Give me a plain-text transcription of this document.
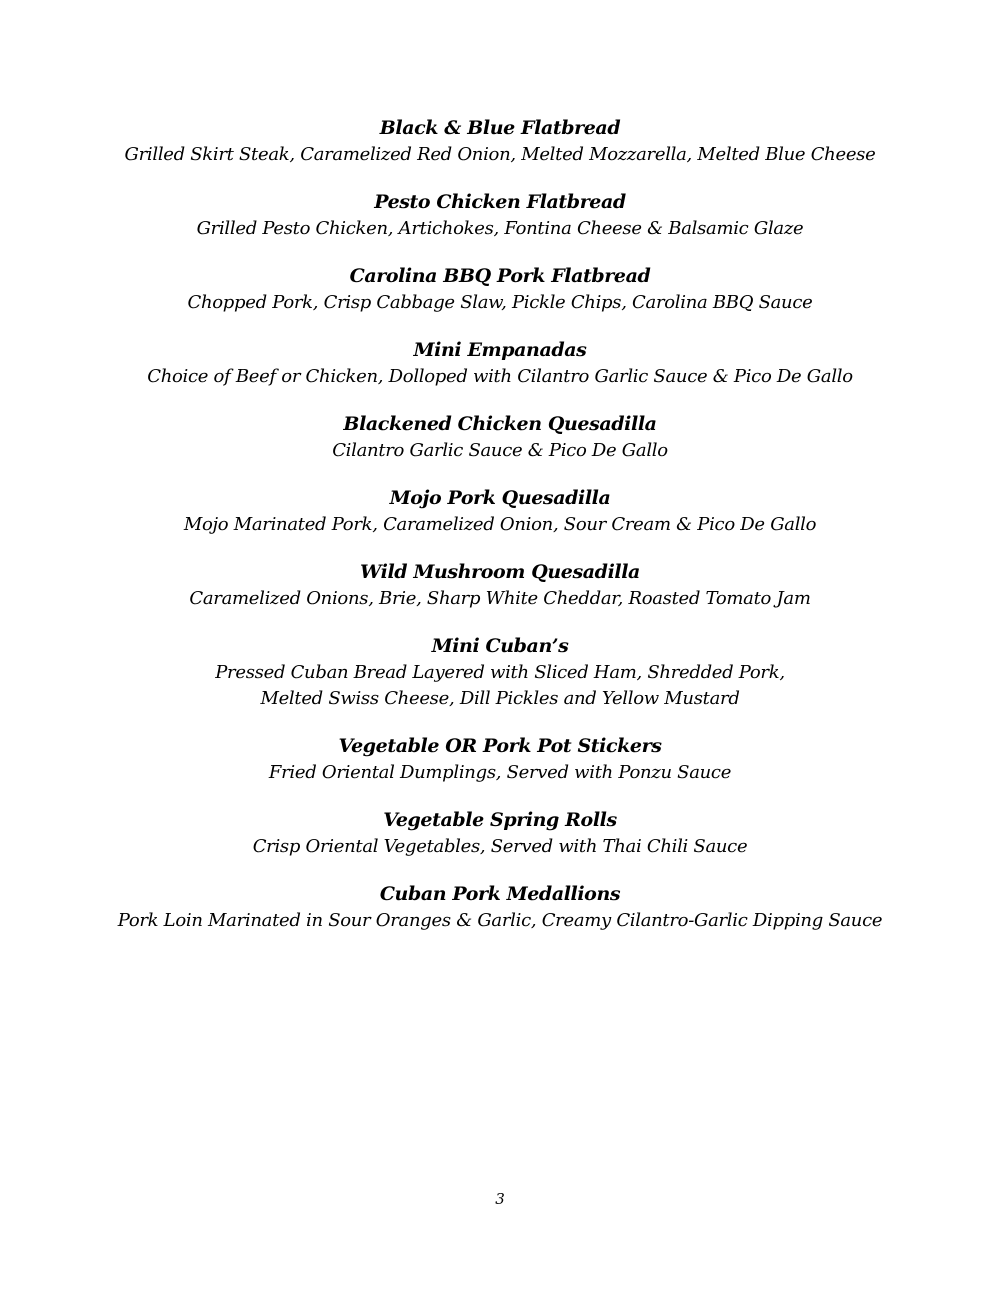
Black & Blue Flatbread
Grilled Skirt Steak, Caramelized Red Onion, Melted Mozzarella, Melted Blue Cheese
Pesto Chicken Flatbread
Grilled Pesto Chicken, Artichokes, Fontina Cheese & Balsamic Glaze
Carolina BBQ Pork Flatbread
Chopped Pork, Crisp Cabbage Slaw, Pickle Chips, Carolina BBQ Sauce
Mini Empanadas
Choice of Beef or Chicken, Dolloped with Cilantro Garlic Sauce & Pico De Gallo
Blackened Chicken Quesadilla
Cilantro Garlic Sauce & Pico De Gallo
Mojo Pork Quesadilla
Mojo Marinated Pork, Caramelized Onion, Sour Cream & Pico De Gallo
Wild Mushroom Quesadilla
Caramelized Onions, Brie, Sharp White Cheddar, Roasted Tomato Jam
Mini Cuban’s
Pressed Cuban Bread Layered with Sliced Ham, Shredded Pork,
Melted Swiss Cheese, Dill Pickles and Yellow Mustard
Vegetable OR Pork Pot Stickers
Fried Oriental Dumplings, Served with Ponzu Sauce
Vegetable Spring Rolls
Crisp Oriental Vegetables, Served with Thai Chili Sauce
Cuban Pork Medallions
Pork Loin Marinated in Sour Oranges & Garlic, Creamy Cilantro-Garlic Dipping Sauce
3
